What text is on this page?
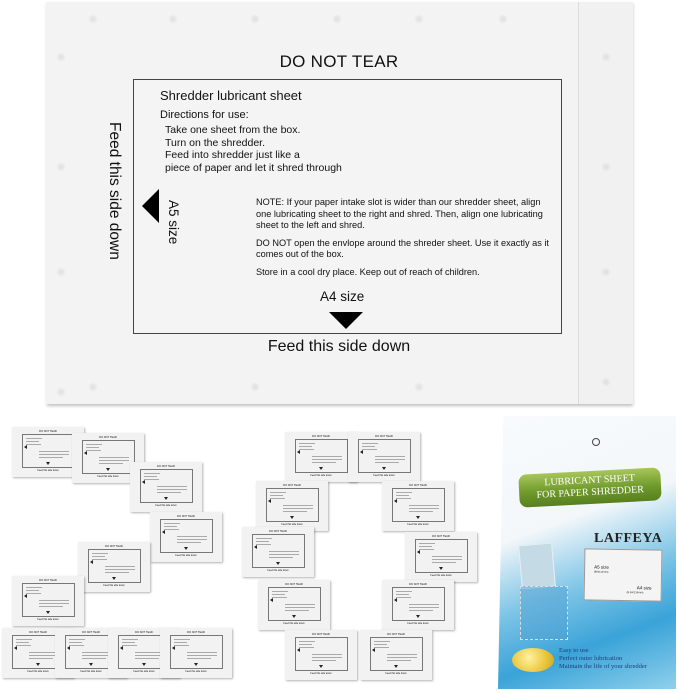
DO NOT TEAR
Shredder lubricant sheet
Directions for use:
Take one sheet from the box.
Turn on the shredder.
Feed into shredder just like a
piece of paper and let it shred through
A5 size	NOTE: If your paper intake slot is wider than our shredder sheet, align one lubricating sheet to the right and shred. Then, align one lubricating sheet to the left and shred.

DO NOT open the envlope around the shreder sheet. Use it exactly as it comes out of the box.

Store in a cool dry place. Keep out of reach of children.

A4 size
Feed this side down
Feed this side down
DO NOT TEAR
Feed this side down
DO NOT TEAR
Feed this side down
DO NOT TEAR
Feed this side down
DO NOT TEAR
Feed this side down
DO NOT TEAR
Feed this side down
DO NOT TEAR
Feed this side down
DO NOT TEAR
Feed this side down
DO NOT TEAR
Feed this side down
DO NOT TEAR
Feed this side down
DO NOT TEAR
Feed this side down
DO NOT TEAR
Feed this side down
DO NOT TEAR
Feed this side down
DO NOT TEAR
Feed this side down
DO NOT TEAR
Feed this side down
DO NOT TEAR
Feed this side down
DO NOT TEAR
Feed this side down
DO NOT TEAR
Feed this side down
DO NOT TEAR
Feed this side down
DO NOT TEAR
Feed this side down
DO NOT TEAR
Feed this side down
LUBRICANT SHEET
FOR PAPER SHREDDER
LAFFEYA
A5 size
(80x112mm)
A4 size
(8.5in/216mm)
Easy to use
Perfect outer lubrication
Maintain the life of your shredder
